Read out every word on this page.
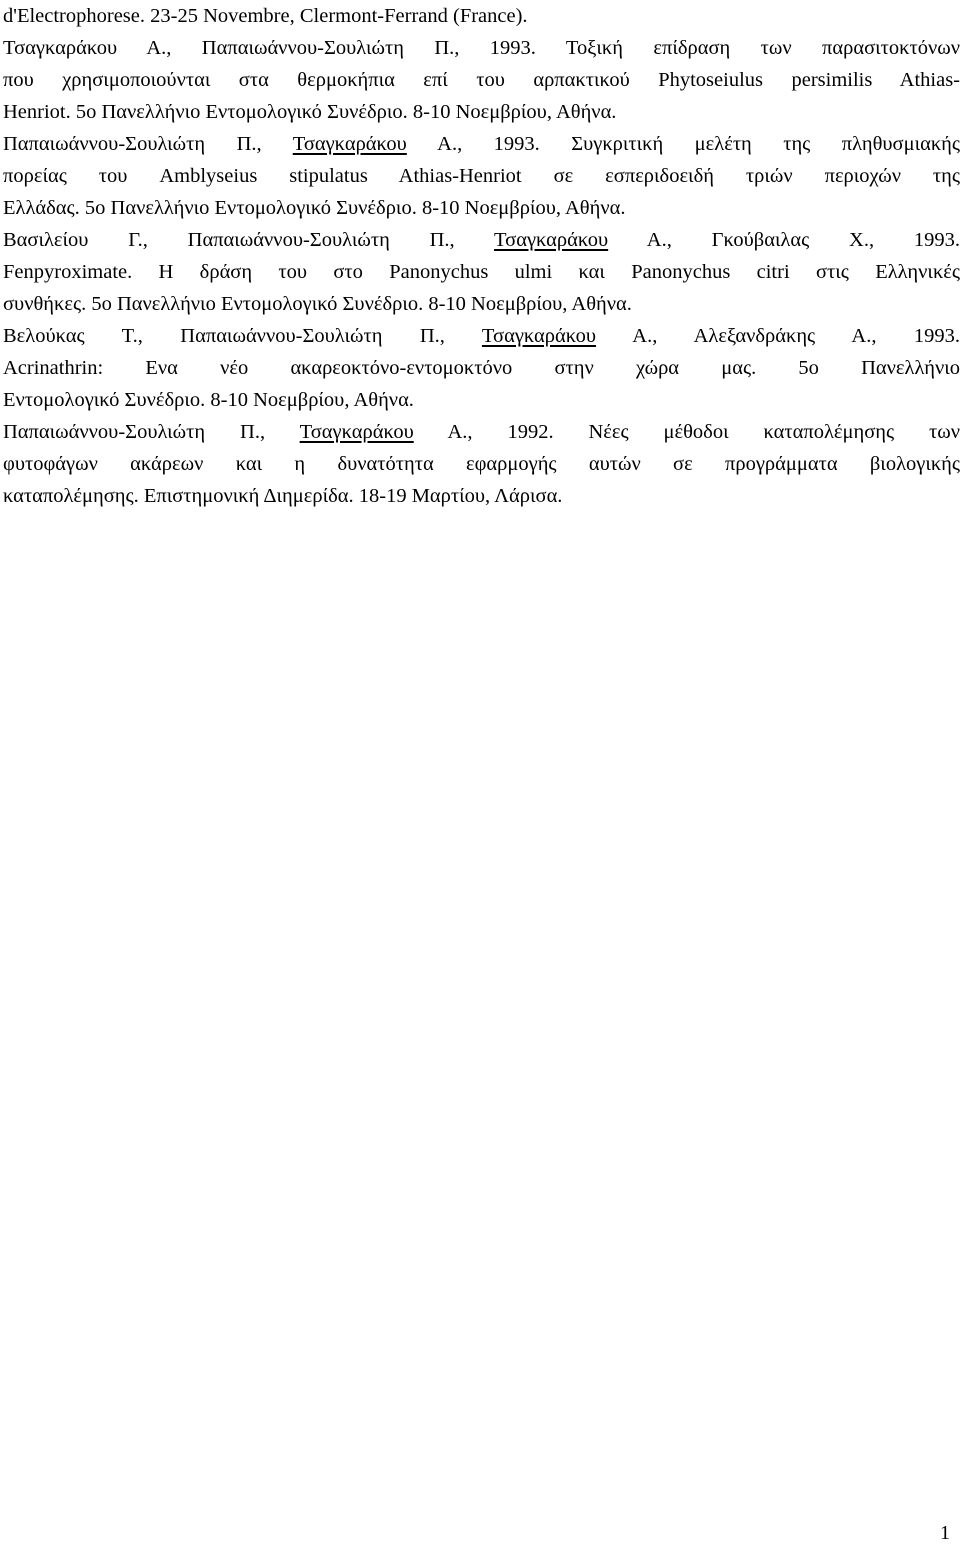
d'Electrophorese. 23-25 Novembre, Clermont-Ferrand (France).

Τσαγκαράκου Α., Παπαιωάννου-Σουλιώτη Π., 1993. Τοξική επίδραση των παρασιτοκτόνων
που χρησιμοποιούνται στα θερμοκήπια επί του αρπακτικού Phytoseiulus persimilis Athias-
Henriot. 5ο Πανελλήνιο Εντομολογικό Συνέδριο. 8-10 Νοεμβρίου, Αθήνα.

Παπαιωάννου-Σουλιώτη Π., Τσαγκαράκου Α., 1993. Συγκριτική μελέτη της πληθυσμιακής
πορείας του Amblyseius stipulatus Athias-Henriot σε εσπεριδοειδή τριών περιοχών της
Ελλάδας. 5ο Πανελλήνιο Εντομολογικό Συνέδριο. 8-10 Νοεμβρίου, Αθήνα.

Βασιλείου Γ., Παπαιωάννου-Σουλιώτη Π., Τσαγκαράκου Α., Γκούβαιλας Χ., 1993.
Fenpyroximate. Η δράση του στο Panonychus ulmi και Panonychus citri στις Ελληνικές
συνθήκες. 5ο Πανελλήνιο Εντομολογικό Συνέδριο. 8-10 Νοεμβρίου, Αθήνα.

Βελούκας Τ., Παπαιωάννου-Σουλιώτη Π., Τσαγκαράκου Α., Αλεξανδράκης Α., 1993.
Acrinathrin: Ενα νέο ακαρεοκτόνο-εντομοκτόνο στην χώρα μας. 5ο Πανελλήνιο
Εντομολογικό Συνέδριο. 8-10 Νοεμβρίου, Αθήνα.

Παπαιωάννου-Σουλιώτη Π., Τσαγκαράκου Α., 1992. Νέες μέθοδοι καταπολέμησης των
φυτοφάγων ακάρεων και η δυνατότητα εφαρμογής αυτών σε προγράμματα βιολογικής
καταπολέμησης. Επιστημονική Διημερίδα. 18-19 Μαρτίου, Λάρισα.

1
